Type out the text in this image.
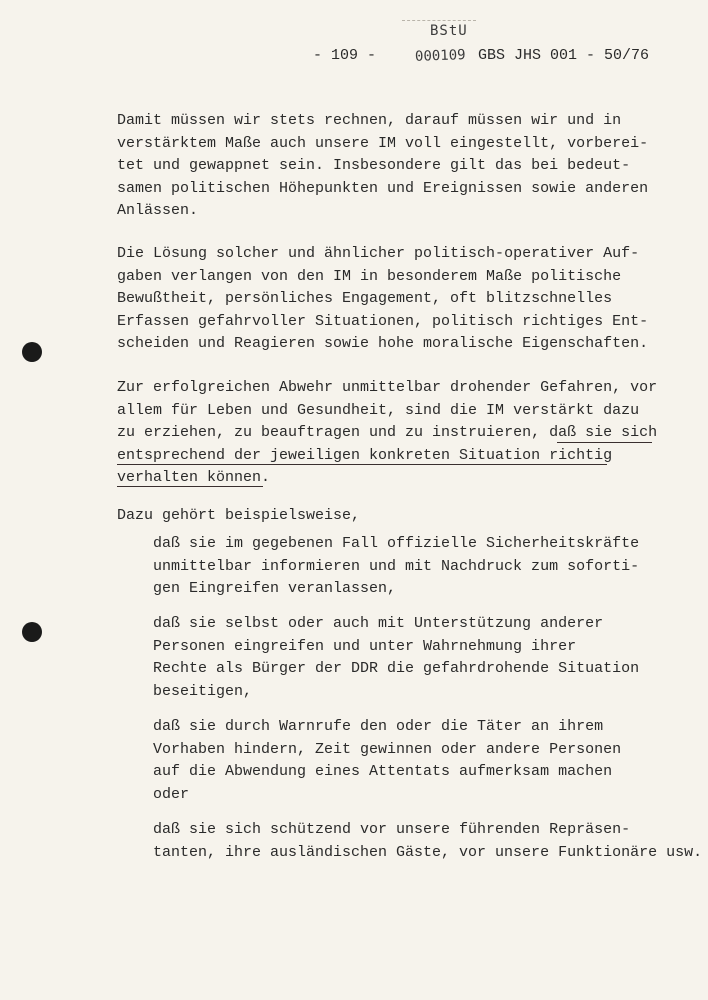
BStU
000109
- 109 -	GBS JHS 001 - 50/76

Damit müssen wir stets rechnen, darauf müssen wir und in
verstärktem Maße auch unsere IM voll eingestellt, vorberei-
tet und gewappnet sein. Insbesondere gilt das bei bedeut-
samen politischen Höhepunkten und Ereignissen sowie anderen
Anlässen.

Die Lösung solcher und ähnlicher politisch-operativer Auf-
gaben verlangen von den IM in besonderem Maße politische
Bewußtheit, persönliches Engagement, oft blitzschnelles
Erfassen gefahrvoller Situationen, politisch richtiges Ent-
scheiden und Reagieren sowie hohe moralische Eigenschaften.

Zur erfolgreichen Abwehr unmittelbar drohender Gefahren, vor
allem für Leben und Gesundheit, sind die IM verstärkt dazu
zu erziehen, zu beauftragen und zu instruieren, daß sie sich
entsprechend der jeweiligen konkreten Situation richtig
verhalten können.

Dazu gehört beispielsweise,

daß sie im gegebenen Fall offizielle Sicherheitskräfte
unmittelbar informieren und mit Nachdruck zum soforti-
gen Eingreifen veranlassen,

daß sie selbst oder auch mit Unterstützung anderer
Personen eingreifen und unter Wahrnehmung ihrer
Rechte als Bürger der DDR die gefahrdrohende Situation
beseitigen,

daß sie durch Warnrufe den oder die Täter an ihrem
Vorhaben hindern, Zeit gewinnen oder andere Personen
auf die Abwendung eines Attentats aufmerksam machen
oder

daß sie sich schützend vor unsere führenden Repräsen-
tanten, ihre ausländischen Gäste, vor unsere Funktionäre usw.
